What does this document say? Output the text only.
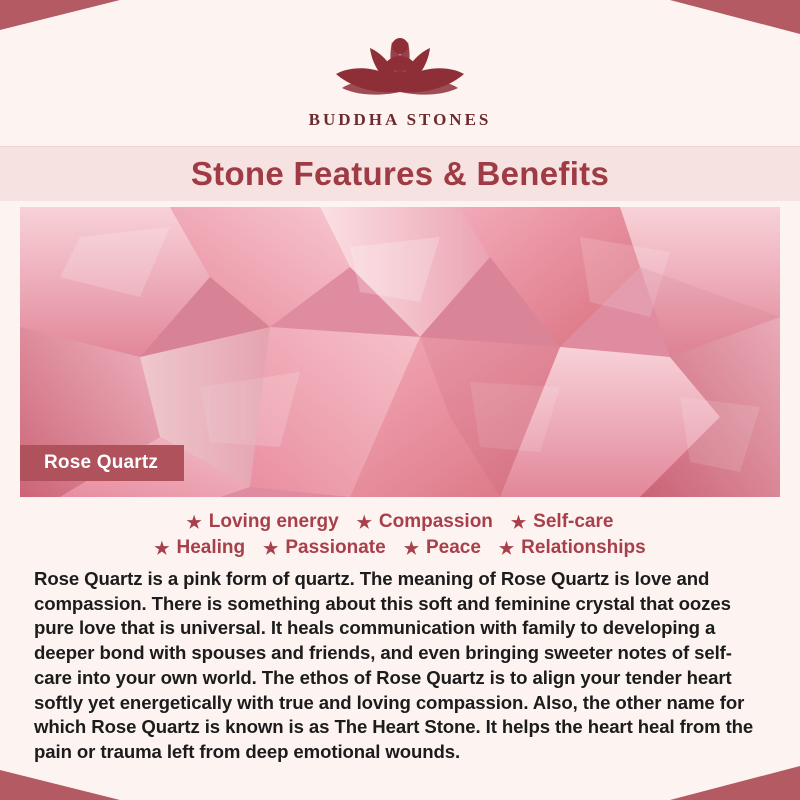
BUDDHA STONES
Stone Features & Benefits
Rose Quartz
★ Loving energy ★ Compassion ★ Self-care
★ Healing ★ Passionate ★ Peace ★ Relationships
Rose Quartz is a pink form of quartz. The meaning of Rose Quartz is love and compassion. There is something about this soft and feminine crystal that oozes pure love that is universal. It heals communication with family to developing a deeper bond with spouses and friends, and even bringing sweeter notes of self-care into your own world. The ethos of Rose Quartz is to align your tender heart softly yet energetically with true and loving compassion. Also, the other name for which Rose Quartz is known is as The Heart Stone. It helps the heart heal from the pain or trauma left from deep emotional wounds.
